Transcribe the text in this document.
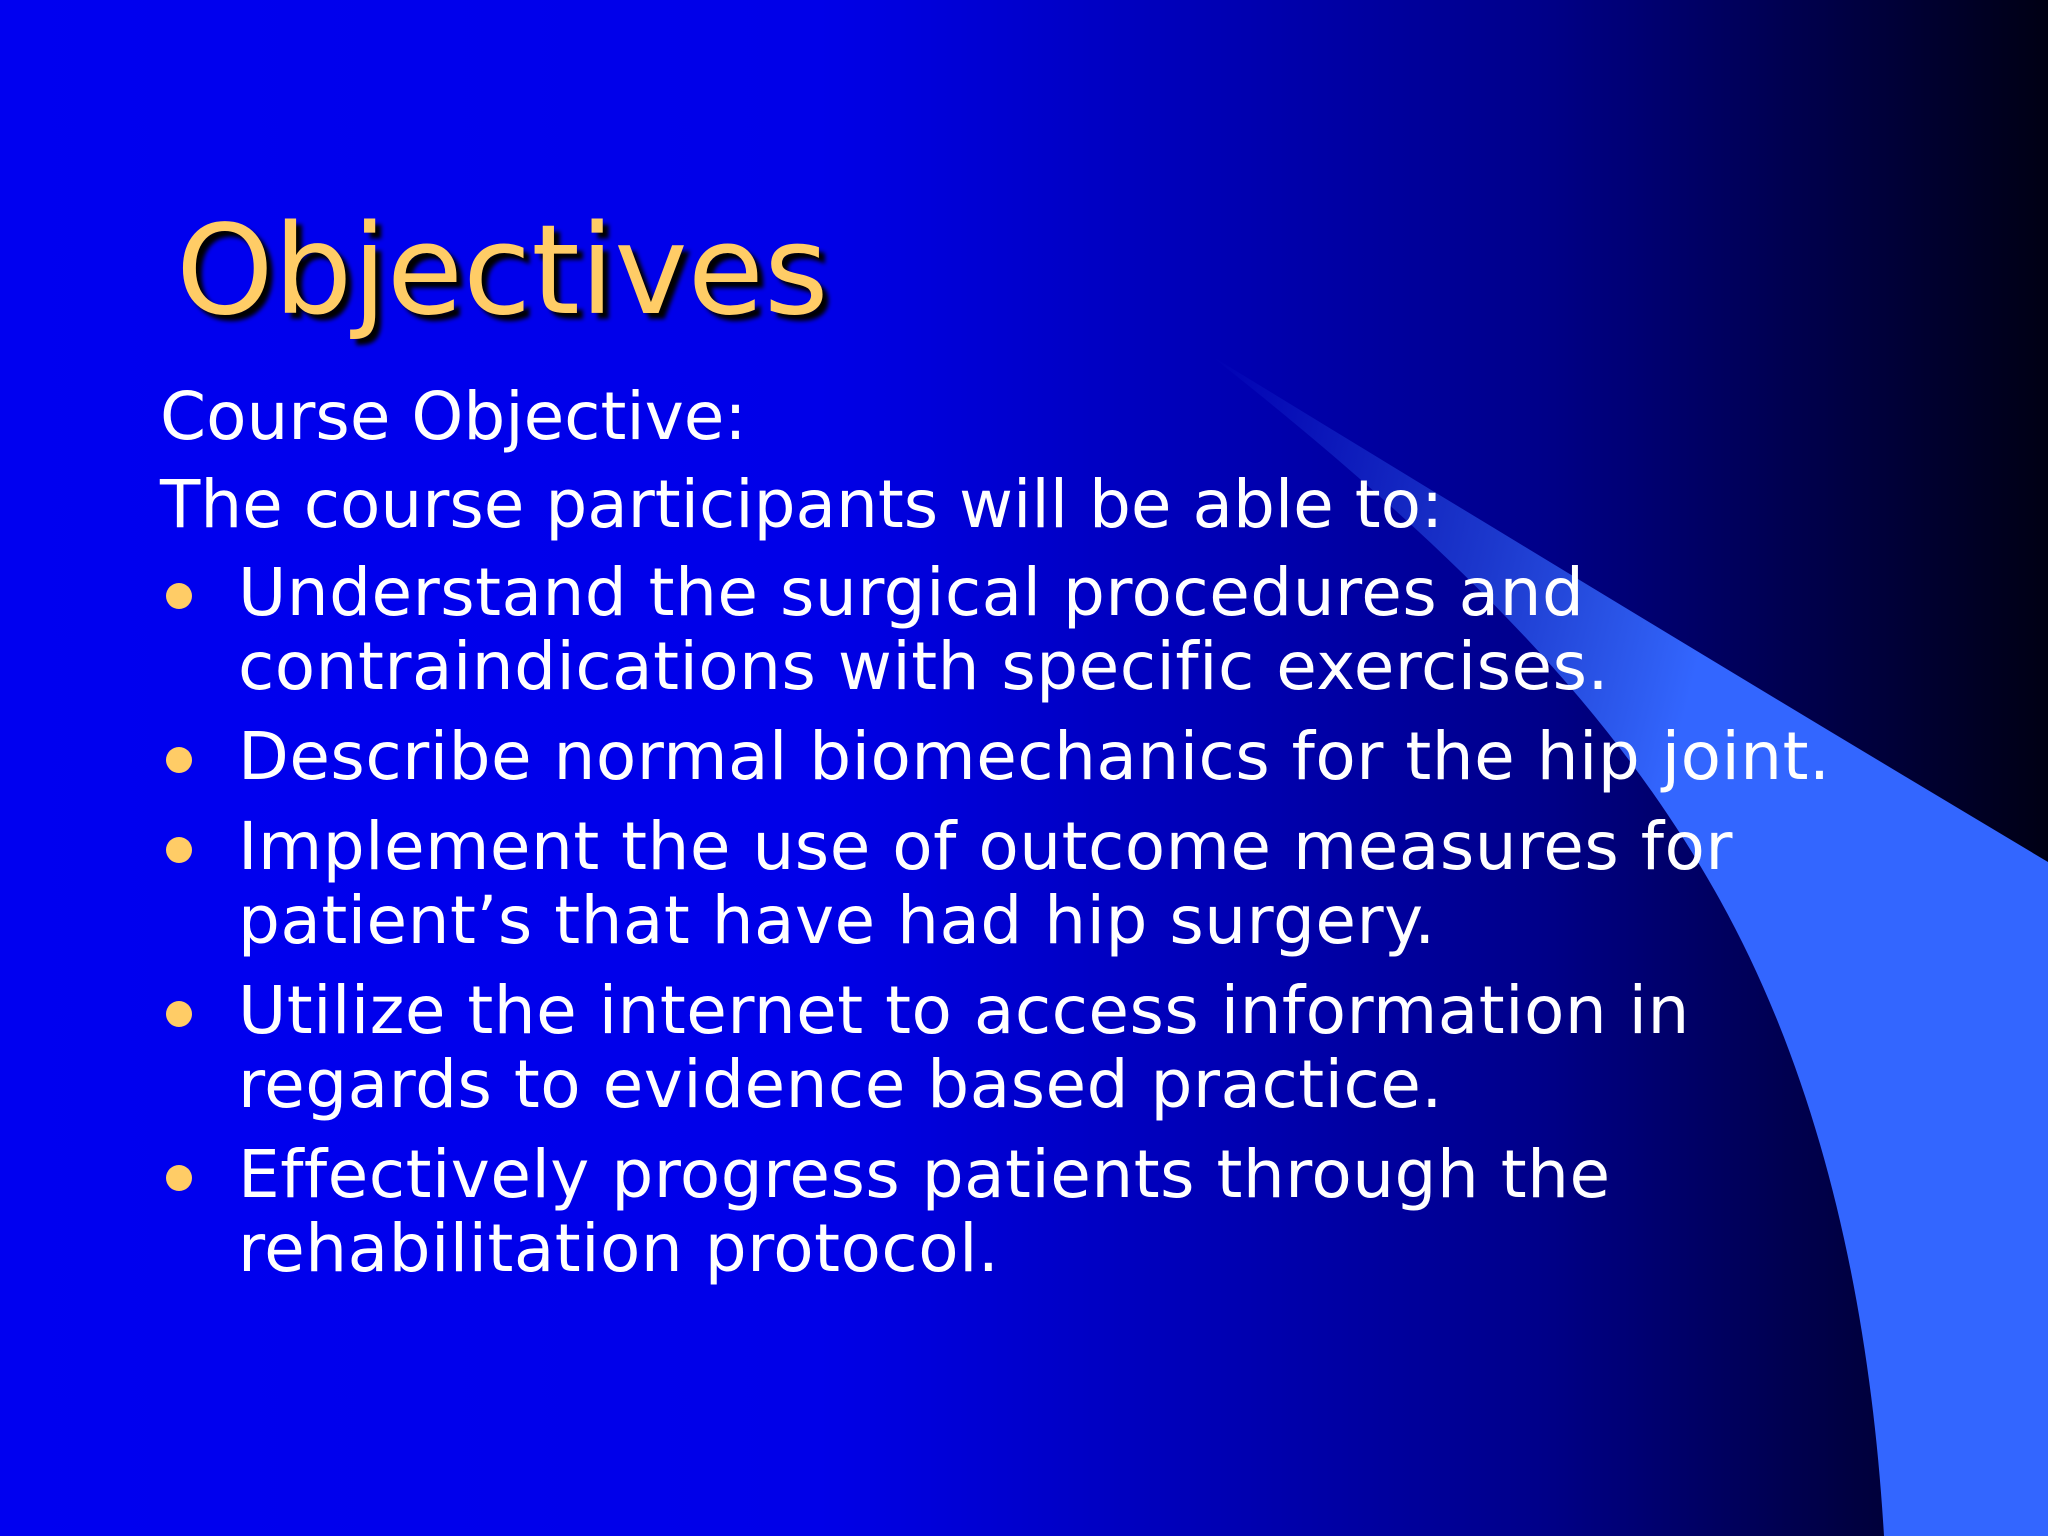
Objectives

Course Objective:

The course participants will be able to:

Understand the surgical procedures and contraindications with specific exercises.
Describe normal biomechanics for the hip joint.
Implement the use of outcome measures for patient’s that have had hip surgery.
Utilize the internet to access information in regards to evidence based practice.
Effectively progress patients through the rehabilitation protocol.
